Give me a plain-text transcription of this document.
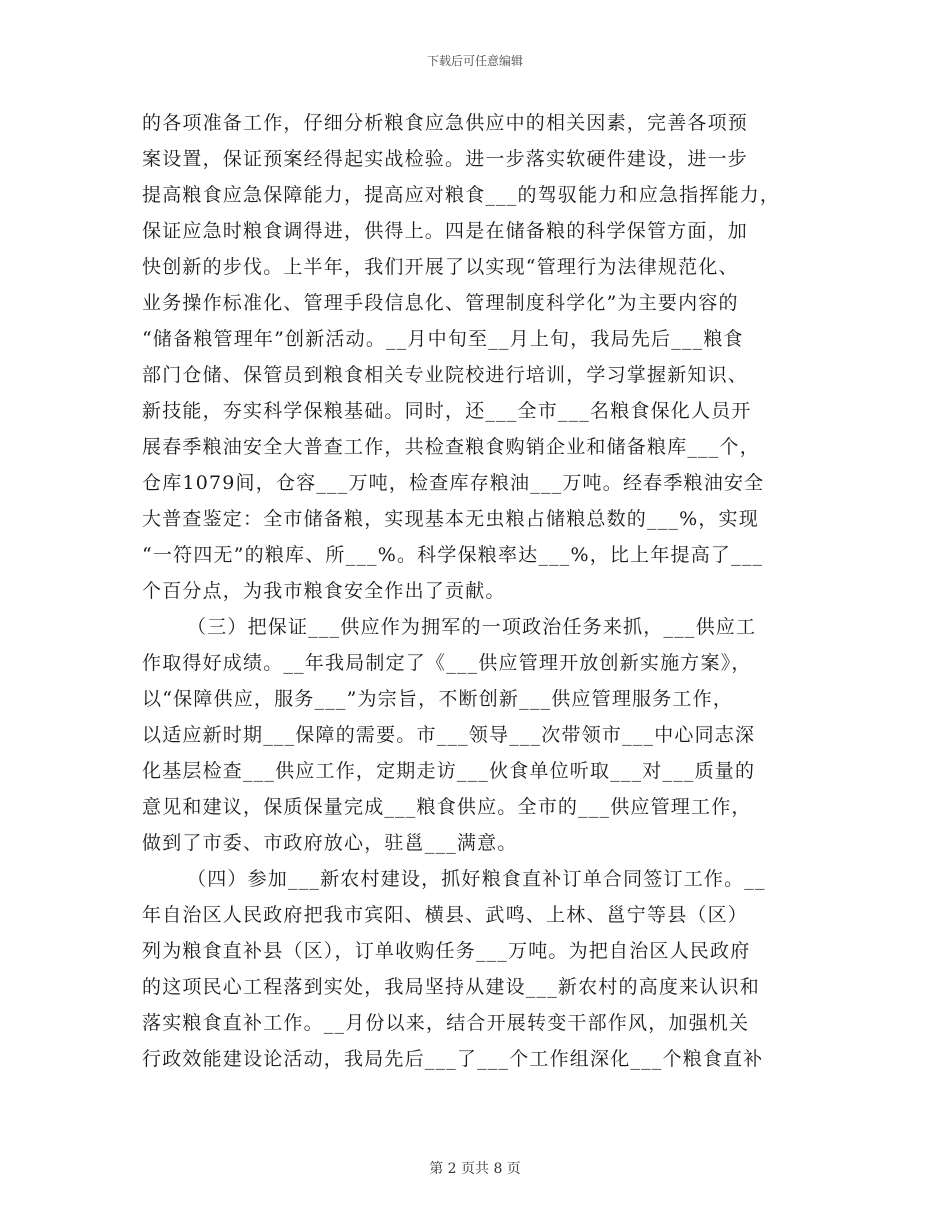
下载后可任意编辑
的各项准备工作，仔细分析粮食应急供应中的相关因素，完善各项预
案设置，保证预案经得起实战检验。进一步落实软硬件建设，进一步
提高粮食应急保障能力，提高应对粮食___的驾驭能力和应急指挥能力，
保证应急时粮食调得进，供得上。四是在储备粮的科学保管方面，加
快创新的步伐。上半年，我们开展了以实现“管理行为法律规范化、
业务操作标准化、管理手段信息化、管理制度科学化”为主要内容的
“储备粮管理年”创新活动。__月中旬至__月上旬，我局先后___粮食
部门仓储、保管员到粮食相关专业院校进行培训，学习掌握新知识、
新技能，夯实科学保粮基础。同时，还___全市___名粮食保化人员开
展春季粮油安全大普查工作，共检查粮食购销企业和储备粮库___个，
仓库1079间，仓容___万吨，检查库存粮油___万吨。经春季粮油安全
大普查鉴定：全市储备粮，实现基本无虫粮占储粮总数的___%，实现
“一符四无”的粮库、所___%。科学保粮率达___%，比上年提高了___
个百分点，为我市粮食安全作出了贡献。
（三）把保证___供应作为拥军的一项政治任务来抓，___供应工
作取得好成绩。__年我局制定了《___供应管理开放创新实施方案》，
以“保障供应，服务___”为宗旨，不断创新___供应管理服务工作，
以适应新时期___保障的需要。市___领导___次带领市___中心同志深
化基层检查___供应工作，定期走访___伙食单位听取___对___质量的
意见和建议，保质保量完成___粮食供应。全市的___供应管理工作，
做到了市委、市政府放心，驻邕___满意。
（四）参加___新农村建设，抓好粮食直补订单合同签订工作。__
年自治区人民政府把我市宾阳、横县、武鸣、上林、邕宁等县（区）
列为粮食直补县（区），订单收购任务___万吨。为把自治区人民政府
的这项民心工程落到实处，我局坚持从建设___新农村的高度来认识和
落实粮食直补工作。__月份以来，结合开展转变干部作风，加强机关
行政效能建设论活动，我局先后___了___个工作组深化___个粮食直补
第 2 页共 8 页
